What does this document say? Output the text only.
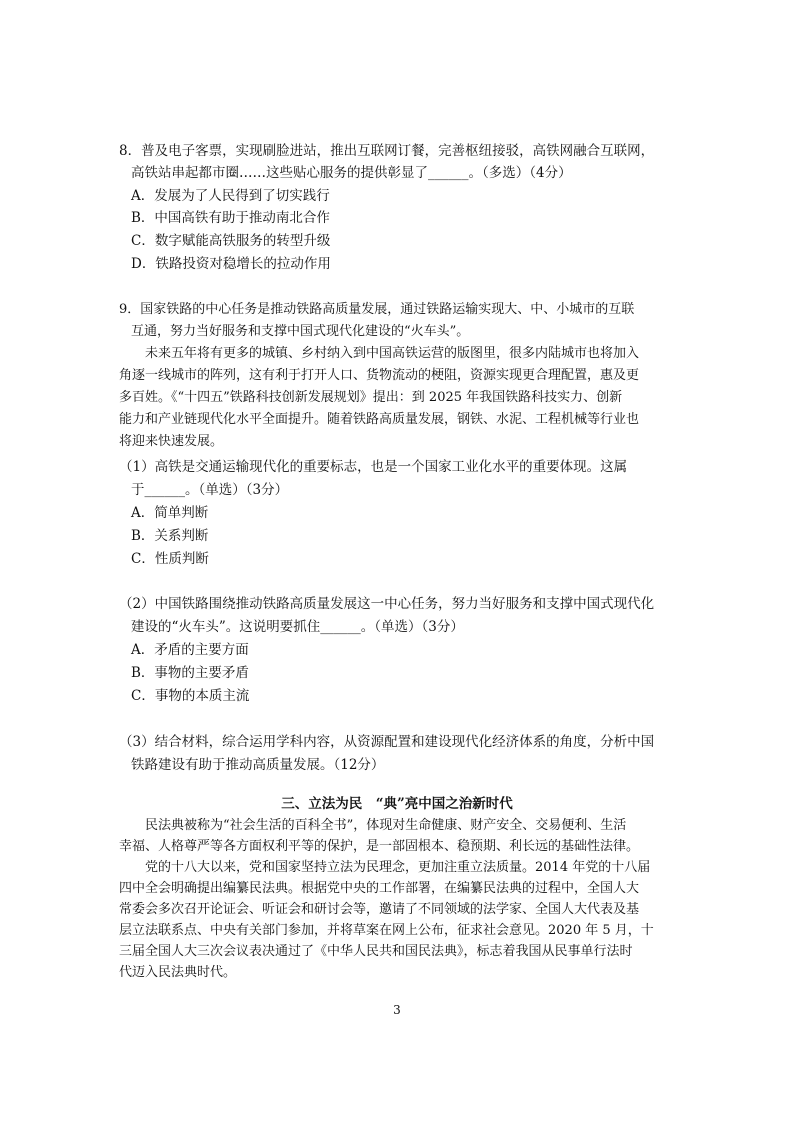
8．普及电子客票，实现刷脸进站，推出互联网订餐，完善枢纽接驳，高铁网融合互联网，
高铁站串起都市圈……这些贴心服务的提供彰显了______。（多选）（4分）
A．发展为了人民得到了切实践行
B．中国高铁有助于推动南北合作
C．数字赋能高铁服务的转型升级
D．铁路投资对稳增长的拉动作用
9．国家铁路的中心任务是推动铁路高质量发展，通过铁路运输实现大、中、小城市的互联
互通，努力当好服务和支撑中国式现代化建设的“火车头”。
未来五年将有更多的城镇、乡村纳入到中国高铁运营的版图里，很多内陆城市也将加入
角逐一线城市的阵列，这有利于打开人口、货物流动的梗阻，资源实现更合理配置，惠及更
多百姓。《“十四五”铁路科技创新发展规划》提出：到 2025 年我国铁路科技实力、创新
能力和产业链现代化水平全面提升。随着铁路高质量发展，钢铁、水泥、工程机械等行业也
将迎来快速发展。
（1）高铁是交通运输现代化的重要标志，也是一个国家工业化水平的重要体现。这属
于______。（单选）（3分）
A．简单判断
B．关系判断
C．性质判断
（2）中国铁路围绕推动铁路高质量发展这一中心任务，努力当好服务和支撑中国式现代化
建设的“火车头”。这说明要抓住______。（单选）（3分）
A．矛盾的主要方面
B．事物的主要矛盾
C．事物的本质主流
（3）结合材料，综合运用学科内容，从资源配置和建设现代化经济体系的角度，分析中国
铁路建设有助于推动高质量发展。（12分）
三、立法为民　“典”亮中国之治新时代
民法典被称为“社会生活的百科全书”，体现对生命健康、财产安全、交易便利、生活
幸福、人格尊严等各方面权利平等的保护，是一部固根本、稳预期、利长远的基础性法律。
党的十八大以来，党和国家坚持立法为民理念，更加注重立法质量。2014 年党的十八届
四中全会明确提出编纂民法典。根据党中央的工作部署，在编纂民法典的过程中，全国人大
常委会多次召开论证会、听证会和研讨会等，邀请了不同领域的法学家、全国人大代表及基
层立法联系点、中央有关部门参加，并将草案在网上公布，征求社会意见。2020 年 5 月，十
三届全国人大三次会议表决通过了《中华人民共和国民法典》，标志着我国从民事单行法时
代迈入民法典时代。
3
